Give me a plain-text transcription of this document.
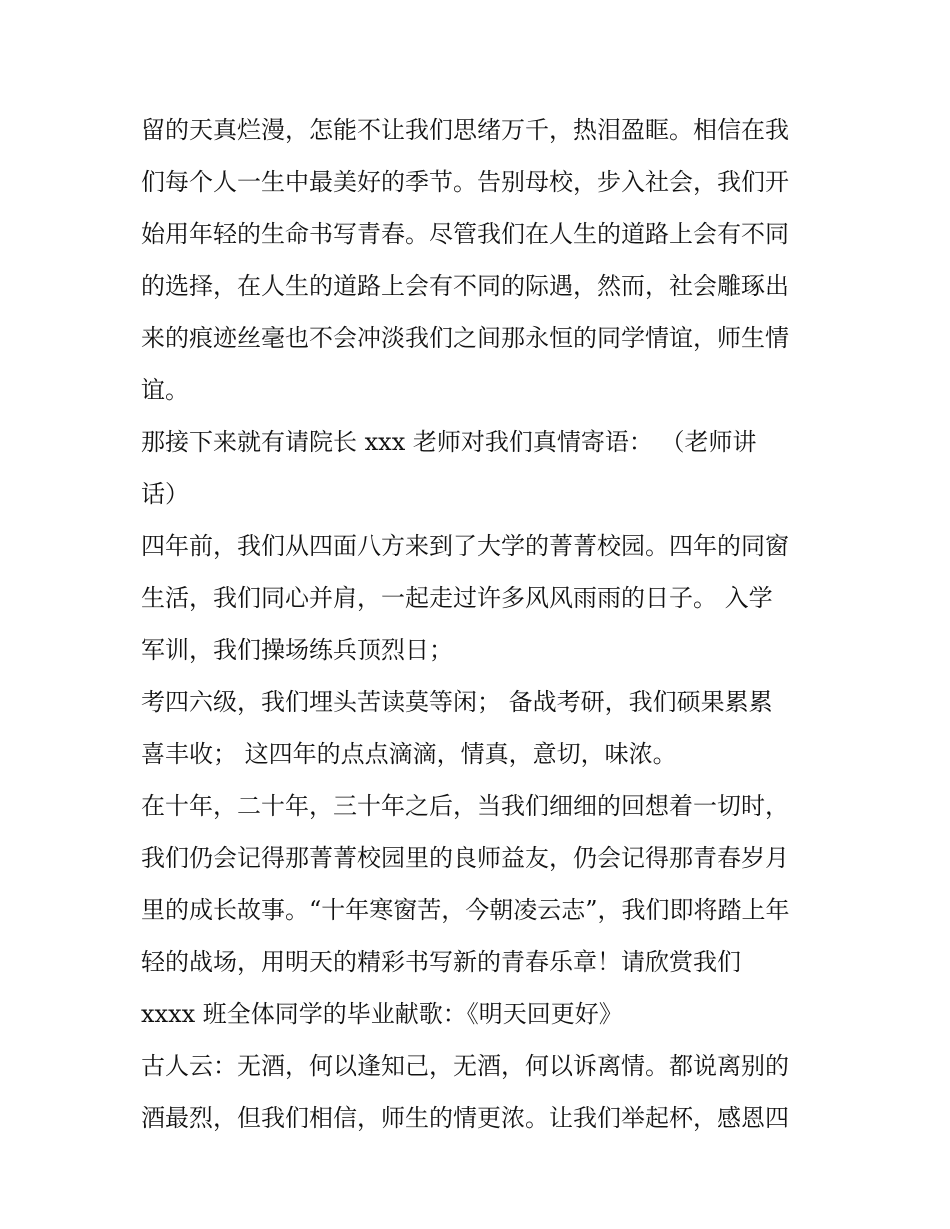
留的天真烂漫，怎能不让我们思绪万千，热泪盈眶。相信在我
们每个人一生中最美好的季节。告别母校，步入社会，我们开
始用年轻的生命书写青春。尽管我们在人生的道路上会有不同
的选择，在人生的道路上会有不同的际遇，然而，社会雕琢出
来的痕迹丝毫也不会冲淡我们之间那永恒的同学情谊，师生情
谊。
那接下来就有请院长 xxx 老师对我们真情寄语： （老师讲
话）
四年前，我们从四面八方来到了大学的菁菁校园。四年的同窗
生活，我们同心并肩，一起走过许多风风雨雨的日子。 入学
军训，我们操场练兵顶烈日；
考四六级，我们埋头苦读莫等闲； 备战考研，我们硕果累累
喜丰收； 这四年的点点滴滴，情真，意切，味浓。
在十年，二十年，三十年之后，当我们细细的回想着一切时，
我们仍会记得那菁菁校园里的良师益友，仍会记得那青春岁月
里的成长故事。“十年寒窗苦，今朝凌云志”，我们即将踏上年
轻的战场，用明天的精彩书写新的青春乐章！请欣赏我们
xxxx 班全体同学的毕业献歌：《明天回更好》
古人云：无酒，何以逢知己，无酒，何以诉离情。都说离别的
酒最烈，但我们相信，师生的情更浓。让我们举起杯，感恩四
